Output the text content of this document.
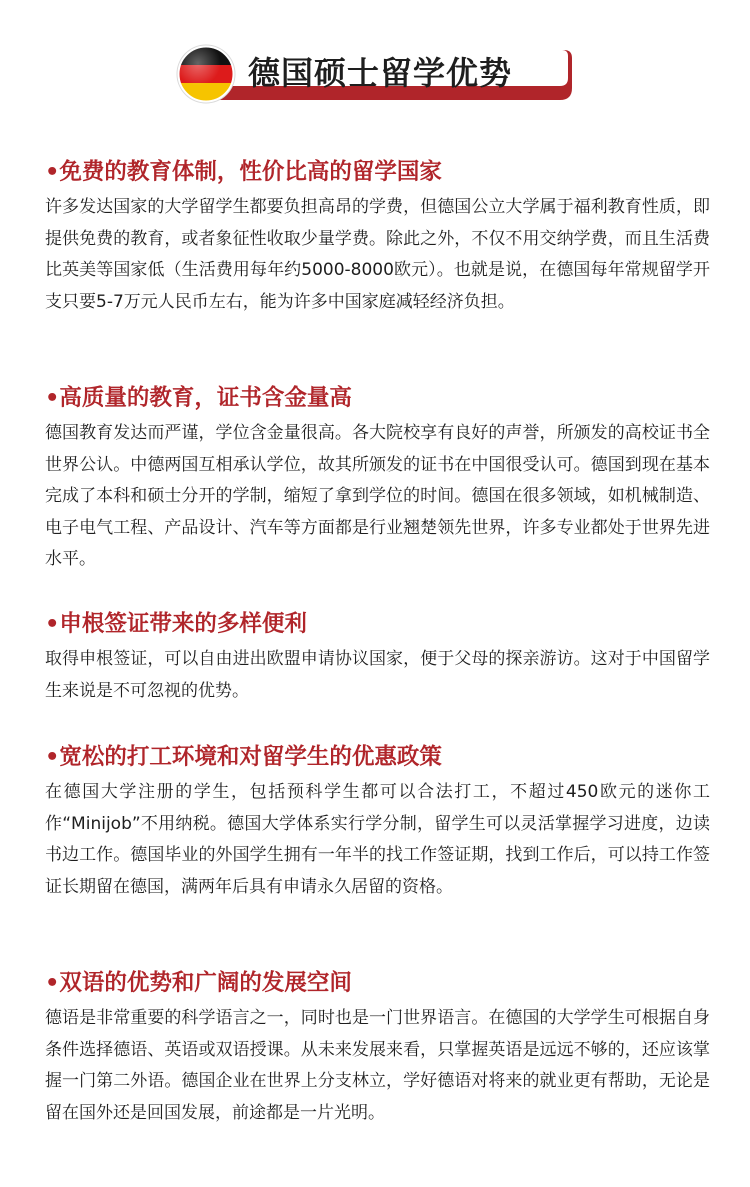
德国硕士留学优势
•免费的教育体制，性价比高的留学国家

许多发达国家的大学留学生都要负担高昂的学费，但德国公立大学属于福利教育性质，即提供免费的教育，或者象征性收取少量学费。除此之外，不仅不用交纳学费，而且生活费比英美等国家低（生活费用每年约5000-8000欧元）。也就是说，在德国每年常规留学开支只要5-7万元人民币左右，能为许多中国家庭减轻经济负担。

•高质量的教育，证书含金量高

德国教育发达而严谨，学位含金量很高。各大院校享有良好的声誉，所颁发的高校证书全世界公认。中德两国互相承认学位，故其所颁发的证书在中国很受认可。德国到现在基本完成了本科和硕士分开的学制，缩短了拿到学位的时间。德国在很多领域，如机械制造、电子电气工程、产品设计、汽车等方面都是行业翘楚领先世界，许多专业都处于世界先进水平。

•申根签证带来的多样便利

取得申根签证，可以自由进出欧盟申请协议国家，便于父母的探亲游访。这对于中国留学生来说是不可忽视的优势。

•宽松的打工环境和对留学生的优惠政策

在德国大学注册的学生，包括预科学生都可以合法打工，不超过450欧元的迷你工作“Minijob”不用纳税。德国大学体系实行学分制，留学生可以灵活掌握学习进度，边读书边工作。德国毕业的外国学生拥有一年半的找工作签证期，找到工作后，可以持工作签证长期留在德国，满两年后具有申请永久居留的资格。

•双语的优势和广阔的发展空间

德语是非常重要的科学语言之一，同时也是一门世界语言。在德国的大学学生可根据自身条件选择德语、英语或双语授课。从未来发展来看，只掌握英语是远远不够的，还应该掌握一门第二外语。德国企业在世界上分支林立，学好德语对将来的就业更有帮助，无论是留在国外还是回国发展，前途都是一片光明。
